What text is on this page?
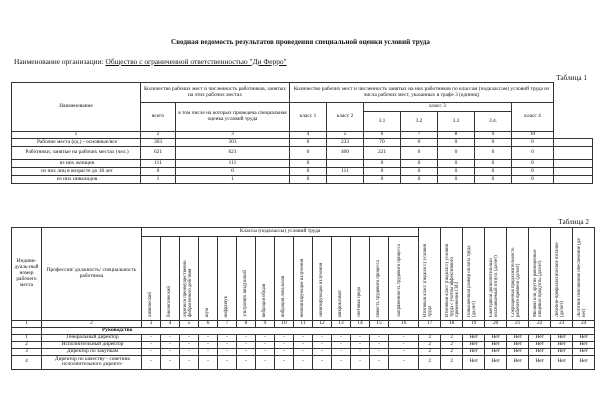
Сводная ведомость результатов проведения специальной оценки условий труда
Наименование организации: Общество с ограниченной ответственностью "Ди Ферро"
Таблица 1
Наименование	Количество рабочих мест и численность работников, занятых на этих рабочих местах		Количество рабочих мест и численность занятых на них работников по классам (подклассам) условий труда из числа рабочих мест, указанных в графе 3 (единиц)							
	всего	в том числе на которых проведена специальная оценка условий труда	класс 1	класс 2	класс 3				класс 4	
					3.1	3.2	3.3	3.4.		
1	2	3	4	5	6	7	8	9	10	
Рабочие места (ед.) - основные/все	303	303	0	233	70	0	0	0	0	
Работники, занятые на рабочих местах (чел.)	621	621	0	400	221	0	0	0	0	
из них женщин	111	111	0		0	0	0	0	0	
из них лиц в возрасте до 18 лет	0	0	0	111	0	0	0	0	0	
из них инвалидов	1	1	0		0	0	0	0	0	
Таблица 2
Индиви-дуаль-ный номер рабочего места	Профессия/ должность/ специальность работника	Классы (подклассы) условий труда														Итоговый класс (подкласс) условий труда	Итоговый класс (подкласс) условий труда с учетом эффективного применения СИЗ	Повышенный размер оплаты труда (да,нет)	Ежегодный дополнительный оплачиваемый отпуск (да/нет)	Сокращенная продолжительность рабочего времени (да/нет)	Молоко или другие равноценные пищевые продукты (да/нет)	Лечебно-профилактическое питание (да/нет)	Льготное пенсионное обеспечение (да/нет)
		химический	биологический	аэрозоли преимущественно фиброгенного действия	шум	инфразвук	ультразвук воздушный	вибрация общая	вибрация локальная	неионизирующие излучения	ионизирующие излучения	микроклимат	световая среда	тяжесть трудового процесса	напряженность трудового процесса								
1	2	3	4	5	6	7	8	9	10	11	12	13	14	15	16	17	18	19	20	21	22	23	24
	Руководство																						
1	Генеральный директор	-	-	-	-	-	-	-	-	-	-	-	-	-	-	2	2	Нет	Нет	Нет	Нет	Нет	Нет
2	Исполнительный директор	-	-	-	-	-	-	-	-	-	-	-	-	-	-	2	2	Нет	Нет	Нет	Нет	Нет	Нет
3	Директор по закупкам	-	-	-	-	-	-	-	-	-	-	-	-	-	-	2	2	Нет	Нет	Нет	Нет	Нет	Нет
4	Директор по качеству - советник исполнительного директо-	-	-	-	-	-	-	-	-	-	-	-	-	-	-	2	2	Нет	Нет	Нет	Нет	Нет	Нет
